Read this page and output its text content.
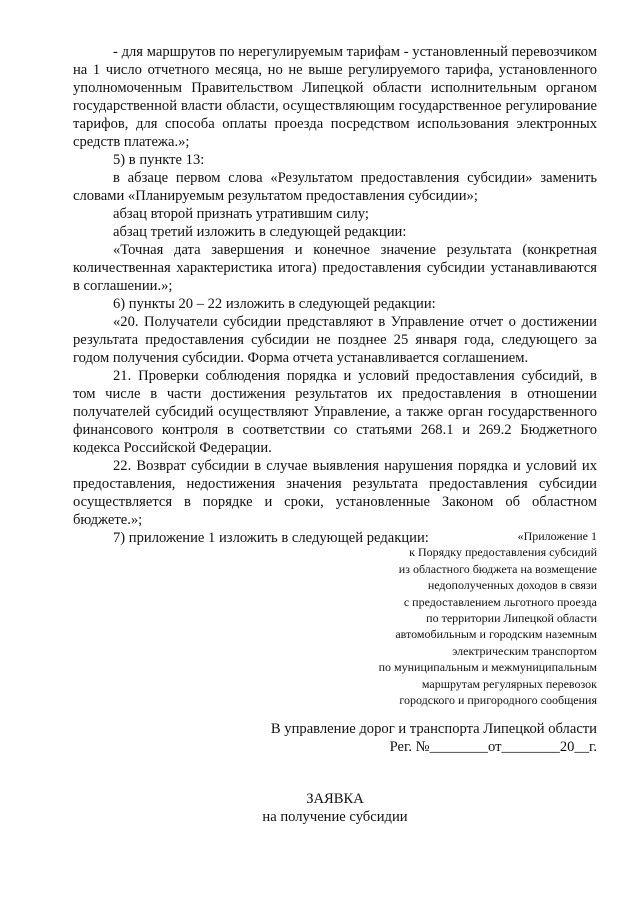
- для маршрутов по нерегулируемым тарифам - установленный перевозчиком на 1 число отчетного месяца, но не выше регулируемого тарифа, установленного уполномоченным Правительством Липецкой области исполнительным органом государственной власти области, осуществляющим государственное регулирование тарифов, для способа оплаты проезда посредством использования электронных средств платежа.»;

5) в пункте 13:

в абзаце первом слова «Результатом предоставления субсидии» заменить словами «Планируемым результатом предоставления субсидии»;

абзац второй признать утратившим силу;

абзац третий изложить в следующей редакции:

«Точная дата завершения и конечное значение результата (конкретная количественная характеристика итога) предоставления субсидии устанавливаются в соглашении.»;

6) пункты 20 – 22 изложить в следующей редакции:

«20. Получатели субсидии представляют в Управление отчет о достижении результата предоставления субсидии не позднее 25 января года, следующего за годом получения субсидии. Форма отчета устанавливается соглашением.

21. Проверки соблюдения порядка и условий предоставления субсидий, в том числе в части достижения результатов их предоставления в отношении получателей субсидий осуществляют Управление, а также орган государственного финансового контроля в соответствии со статьями 268.1 и 269.2 Бюджетного кодекса Российской Федерации.

22. Возврат субсидии в случае выявления нарушения порядка и условий их предоставления, недостижения значения результата предоставления субсидии осуществляется в порядке и сроки, установленные Законом об областном бюджете.»;

7) приложение 1 изложить в следующей редакции:	«Приложение 1
к Порядку предоставления субсидий
из областного бюджета на возмещение
недополученных доходов в связи
с предоставлением льготного проезда
по территории Липецкой области
автомобильным и городским наземным
электрическим транспортом
по муниципальным и межмуниципальным
маршрутам регулярных перевозок
городского и пригородного сообщения
В управление дорог и транспорта Липецкой области
Рег. №________от________20__г.
ЗАЯВКА
на получение субсидии
